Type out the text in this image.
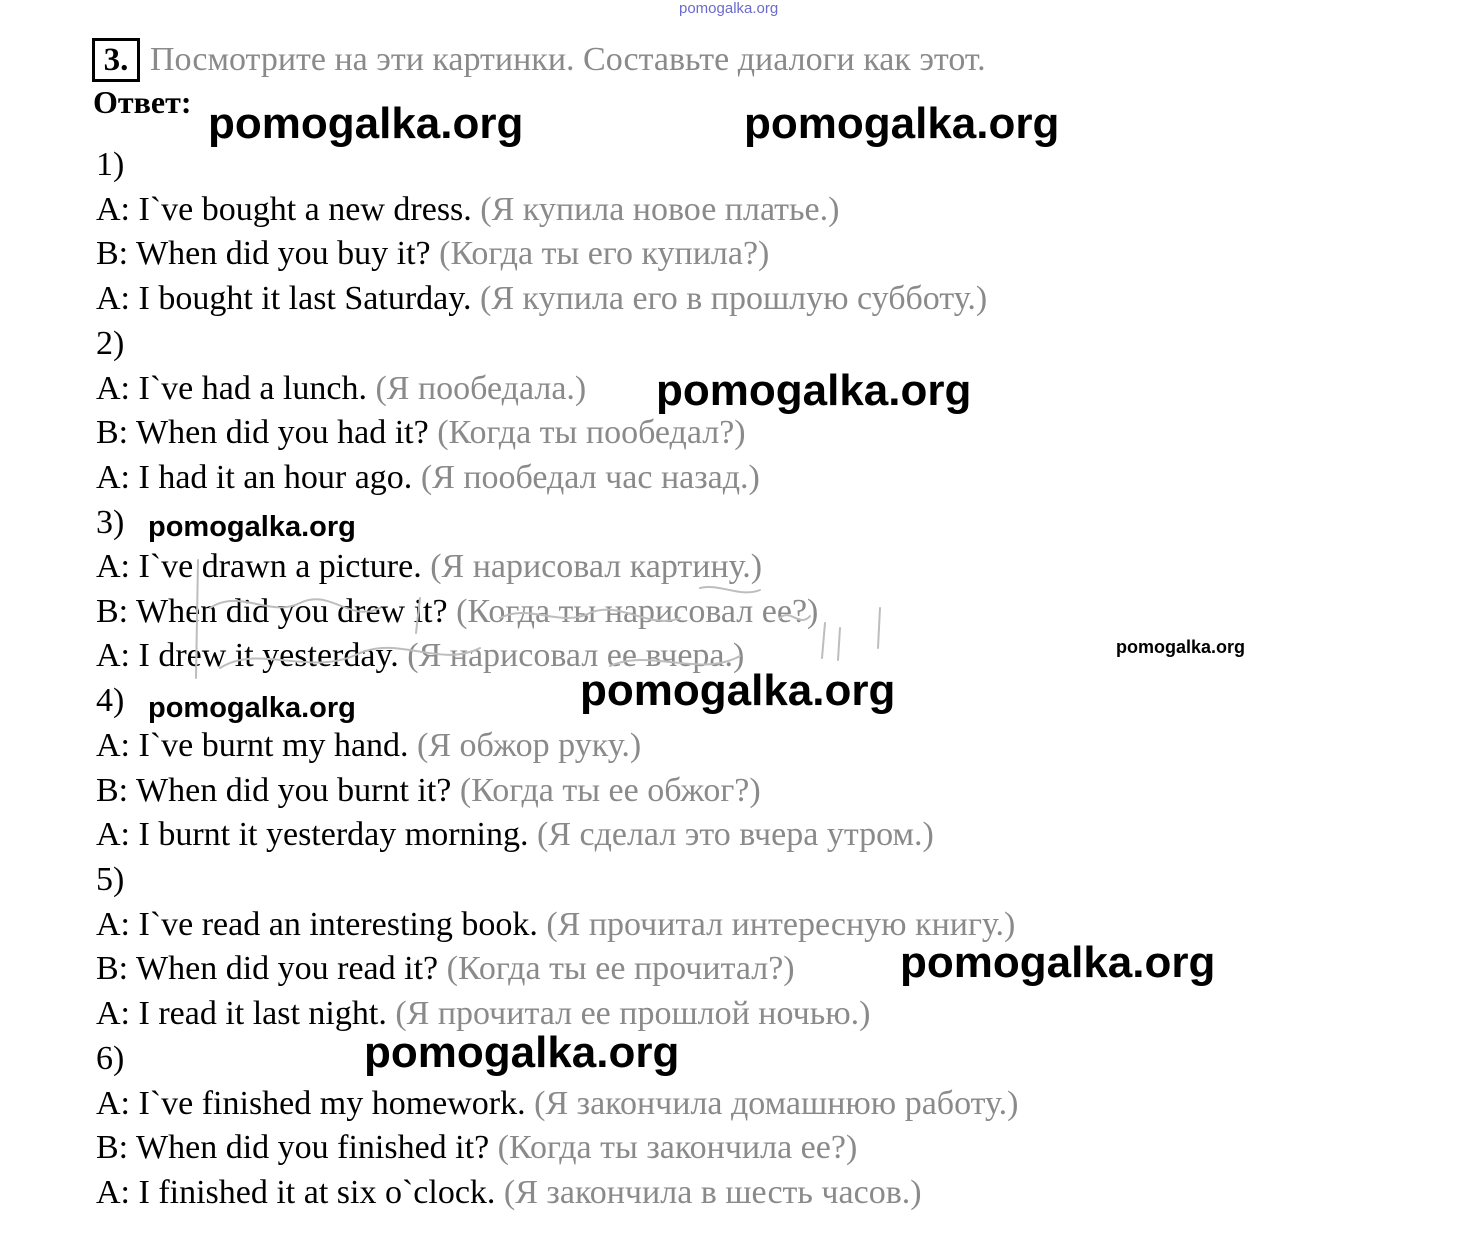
pomogalka.org
3. Посмотрите на эти картинки. Составьте диалоги как этот.
Ответ:
1)
A: I`ve bought a new dress. (Я купила новое платье.)
B: When did you buy it? (Когда ты его купила?)
A: I bought it last Saturday. (Я купила его в прошлую субботу.)
2)
A: I`ve had a lunch. (Я пообедала.)
B: When did you had it? (Когда ты пообедал?)
A: I had it an hour ago. (Я пообедал час назад.)
3)
A: I`ve drawn a picture. (Я нарисовал картину.)
B: When did you drew it? (Когда ты нарисовал ее?)
A: I drew it yesterday. (Я нарисовал ее вчера.)
4)
A: I`ve burnt my hand. (Я обжор руку.)
B: When did you burnt it? (Когда ты ее обжог?)
A: I burnt it yesterday morning. (Я сделал это вчера утром.)
5)
A: I`ve read an interesting book. (Я прочитал интересную книгу.)
B: When did you read it? (Когда ты ее прочитал?)
A: I read it last night. (Я прочитал ее прошлой ночью.)
6)
A: I`ve finished my homework. (Я закончила домашнюю работу.)
B: When did you finished it? (Когда ты закончила ее?)
A: I finished it at six o`clock. (Я закончила в шесть часов.)
pomogalka.org	pomogalka.org
pomogalka.org
pomogalka.org
pomogalka.org
pomogalka.org
pomogalka.org
pomogalka.org
pomogalka.org
